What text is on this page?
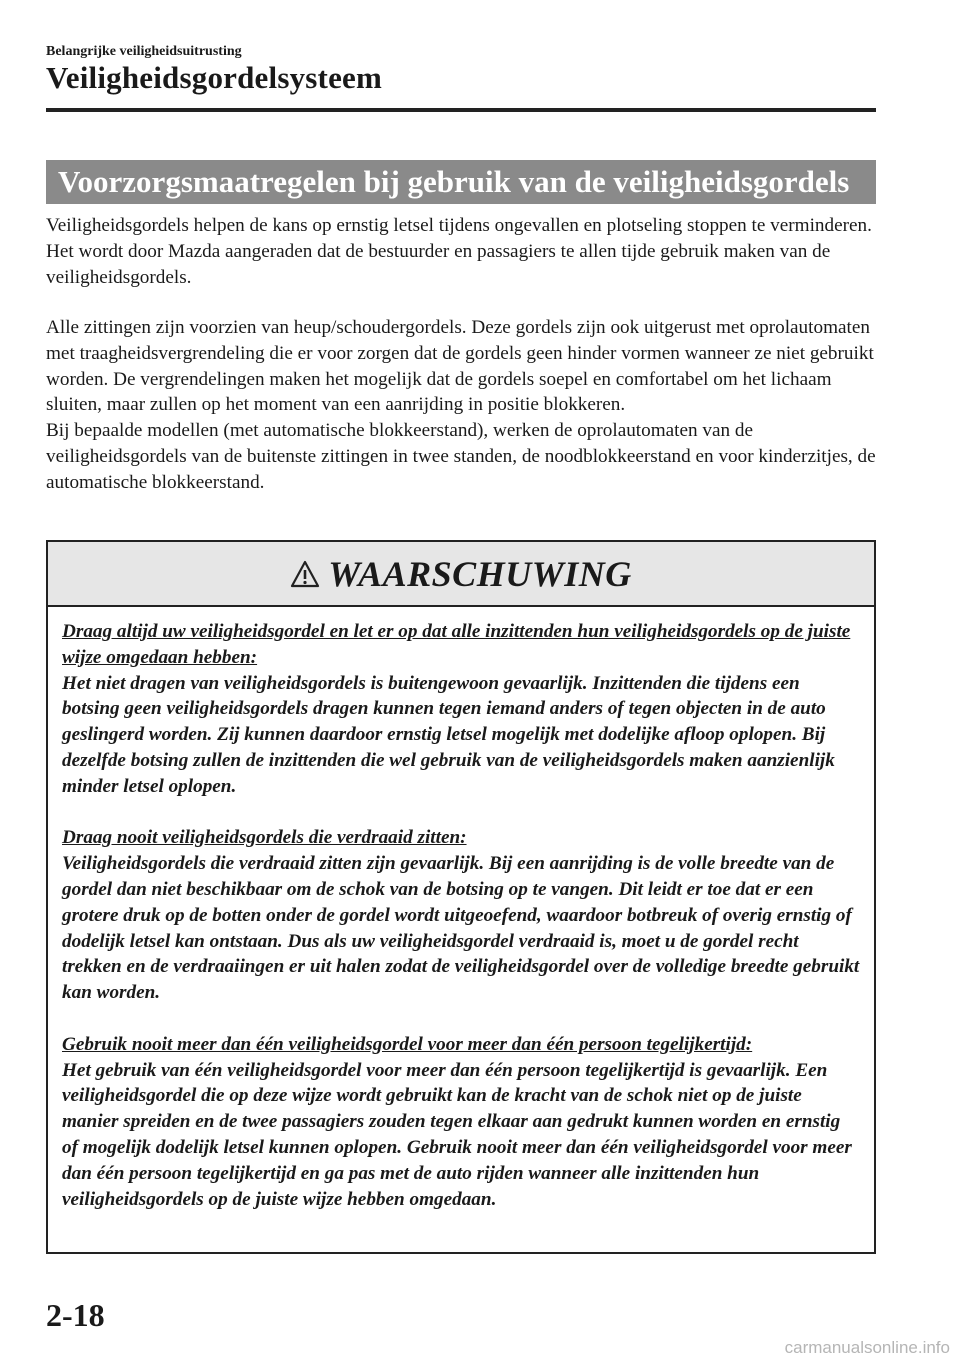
Belangrijke veiligheidsuitrusting
Veiligheidsgordelsysteem
Voorzorgsmaatregelen bij gebruik van de veiligheidsgordels

Veiligheidsgordels helpen de kans op ernstig letsel tijdens ongevallen en plotseling stoppen te verminderen. Het wordt door Mazda aangeraden dat de bestuurder en passagiers te allen tijde gebruik maken van de veiligheidsgordels.

Alle zittingen zijn voorzien van heup/schoudergordels. Deze gordels zijn ook uitgerust met oprolautomaten met traagheidsvergrendeling die er voor zorgen dat de gordels geen hinder vormen wanneer ze niet gebruikt worden. De vergrendelingen maken het mogelijk dat de gordels soepel en comfortabel om het lichaam sluiten, maar zullen op het moment van een aanrijding in positie blokkeren.
Bij bepaalde modellen (met automatische blokkeerstand), werken de oprolautomaten van de veiligheidsgordels van de buitenste zittingen in twee standen, de noodblokkeerstand en voor kinderzitjes, de automatische blokkeerstand.
WAARSCHUWING
Draag altijd uw veiligheidsgordel en let er op dat alle inzittenden hun veiligheidsgordels op de juiste wijze omgedaan hebben:
Het niet dragen van veiligheidsgordels is buitengewoon gevaarlijk. Inzittenden die tijdens een botsing geen veiligheidsgordels dragen kunnen tegen iemand anders of tegen objecten in de auto geslingerd worden. Zij kunnen daardoor ernstig letsel mogelijk met dodelijke afloop oplopen. Bij dezelfde botsing zullen de inzittenden die wel gebruik van de veiligheidsgordels maken aanzienlijk minder letsel oplopen.
Draag nooit veiligheidsgordels die verdraaid zitten:
Veiligheidsgordels die verdraaid zitten zijn gevaarlijk. Bij een aanrijding is de volle breedte van de gordel dan niet beschikbaar om de schok van de botsing op te vangen. Dit leidt er toe dat er een grotere druk op de botten onder de gordel wordt uitgeoefend, waardoor botbreuk of overig ernstig of dodelijk letsel kan ontstaan. Dus als uw veiligheidsgordel verdraaid is, moet u de gordel recht trekken en de verdraaiingen er uit halen zodat de veiligheidsgordel over de volledige breedte gebruikt kan worden.
Gebruik nooit meer dan één veiligheidsgordel voor meer dan één persoon tegelijkertijd:
Het gebruik van één veiligheidsgordel voor meer dan één persoon tegelijkertijd is gevaarlijk. Een veiligheidsgordel die op deze wijze wordt gebruikt kan de kracht van de schok niet op de juiste manier spreiden en de twee passagiers zouden tegen elkaar aan gedrukt kunnen worden en ernstig of mogelijk dodelijk letsel kunnen oplopen. Gebruik nooit meer dan één veiligheidsgordel voor meer dan één persoon tegelijkertijd en ga pas met de auto rijden wanneer alle inzittenden hun veiligheidsgordels op de juiste wijze hebben omgedaan.
2-18
carmanualsonline.info
